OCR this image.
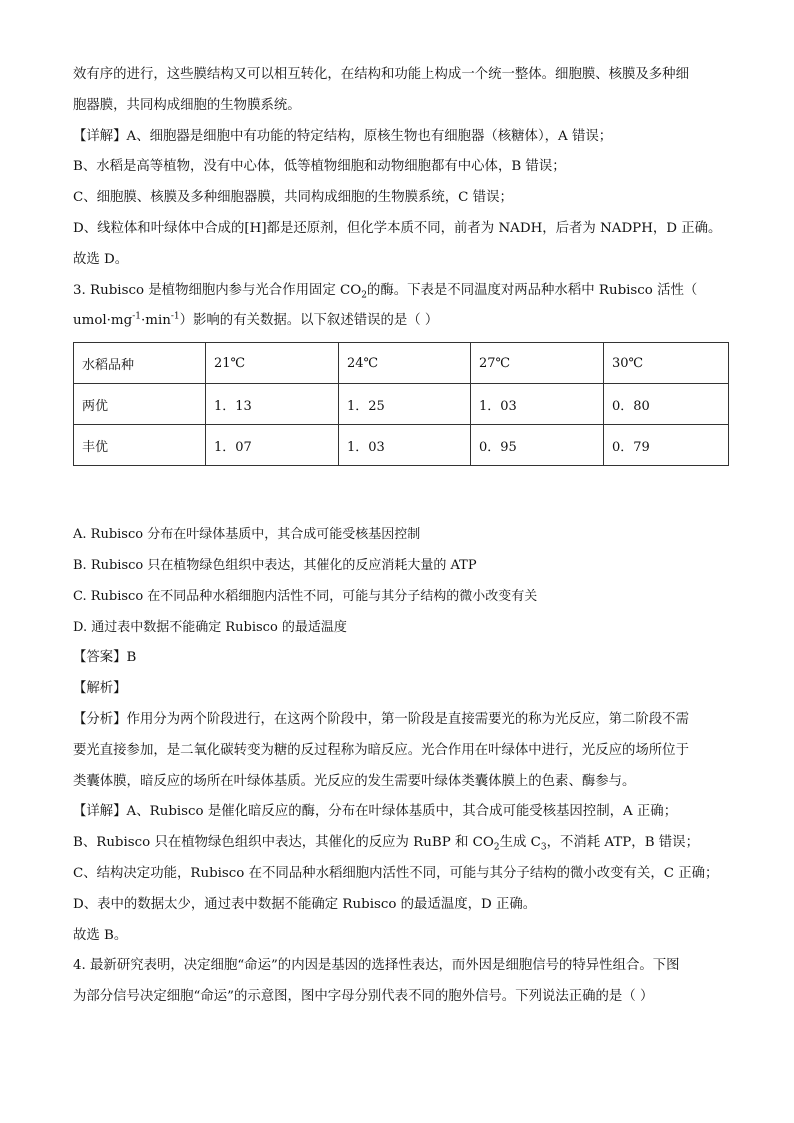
效有序的进行，这些膜结构又可以相互转化，在结构和功能上构成一个统一整体。细胞膜、核膜及多种细
胞器膜，共同构成细胞的生物膜系统。
【详解】A、细胞器是细胞中有功能的特定结构，原核生物也有细胞器（核糖体），A 错误；
B、水稻是高等植物，没有中心体，低等植物细胞和动物细胞都有中心体，B 错误；
C、细胞膜、核膜及多种细胞器膜，共同构成细胞的生物膜系统，C 错误；
D、线粒体和叶绿体中合成的[H]都是还原剂，但化学本质不同，前者为 NADH，后者为 NADPH，D 正确。
故选 D。
3. Rubisco 是植物细胞内参与光合作用固定 $CO_2$的酶。下表是不同温度对两品种水稻中 Rubisco 活性（
$umol\cdot mg^{-1}\cdot\min^{-1}$）影响的有关数据。以下叙述错误的是（ ）
水稻品种	21℃	24℃	27℃	30℃
两优	1．13	1．25	1．03	0．80
丰优	1．07	1．03	0．95	0．79
A. Rubisco 分布在叶绿体基质中，其合成可能受核基因控制
B. Rubisco 只在植物绿色组织中表达，其催化的反应消耗大量的 ATP
C. Rubisco 在不同品种水稻细胞内活性不同，可能与其分子结构的微小改变有关
D. 通过表中数据不能确定 Rubisco 的最适温度
【答案】B
【解析】
【分析】作用分为两个阶段进行，在这两个阶段中，第一阶段是直接需要光的称为光反应，第二阶段不需
要光直接参加，是二氧化碳转变为糖的反过程称为暗反应。光合作用在叶绿体中进行，光反应的场所位于
类囊体膜，暗反应的场所在叶绿体基质。光反应的发生需要叶绿体类囊体膜上的色素、酶参与。
【详解】A、Rubisco 是催化暗反应的酶，分布在叶绿体基质中，其合成可能受核基因控制，A 正确；
B、Rubisco 只在植物绿色组织中表达，其催化的反应为 RuBP 和 $CO_2$生成 $C_3$，不消耗 ATP，B 错误；
C、结构决定功能，Rubisco 在不同品种水稻细胞内活性不同，可能与其分子结构的微小改变有关，C 正确；
D、表中的数据太少，通过表中数据不能确定 Rubisco 的最适温度，D 正确。
故选 B。
4. 最新研究表明，决定细胞“命运”的内因是基因的选择性表达，而外因是细胞信号的特异性组合。下图
为部分信号决定细胞“命运”的示意图，图中字母分别代表不同的胞外信号。下列说法正确的是（ ）
